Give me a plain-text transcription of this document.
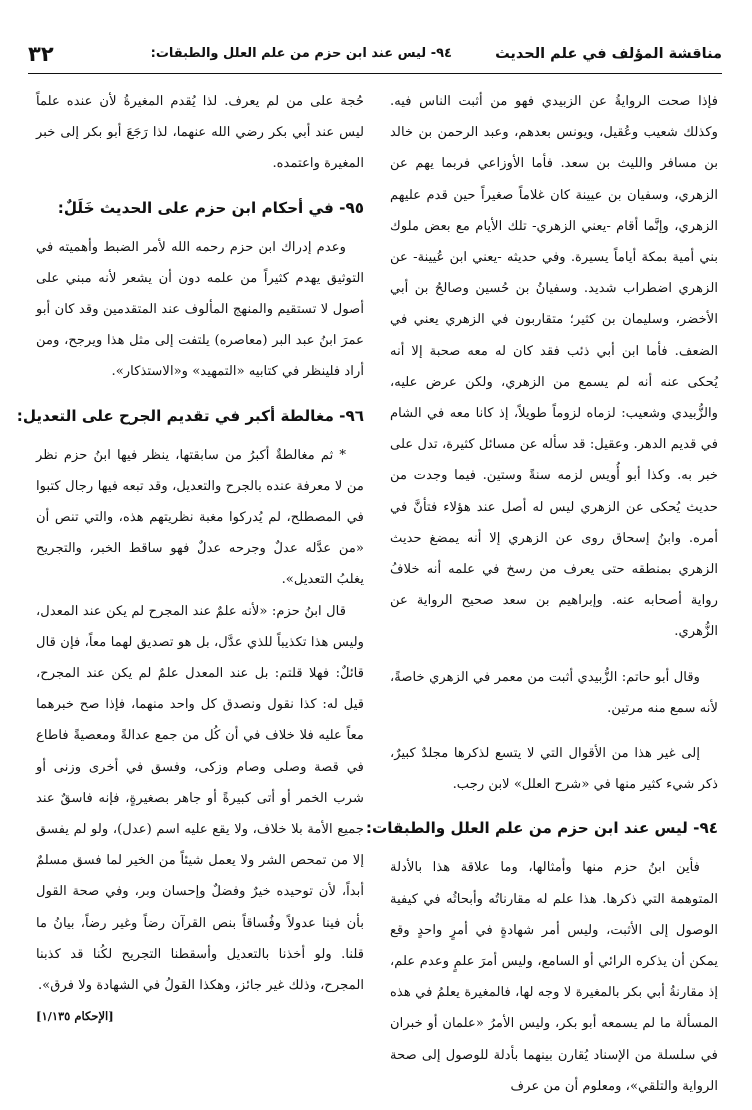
مناقشة المؤلف في علم الحديث
٩٤- ليس عند ابن حزم من علم العلل والطبقات:
٣٢

فإذا صحت الروايةُ عن الزبيدي فهو من أثبت الناس فيه. وكذلك شعيب وعُقيل، ويونس بعدهم، وعبد الرحمن بن خالد بن مسافر والليث بن سعد. فأما الأوزاعي فربما يهم عن الزهري، وسفيان بن عيينة كان غلاماً صغيراً حين قدم عليهم الزهري، وإنَّما أقام -يعني الزهري- تلك الأيام مع بعض ملوك بني أمية بمكة أياماً يسيرة. وفي حديثه -يعني ابن عُيينة- عن الزهري اضطراب شديد. وسفيانُ بن حُسين وصالحُ بن أبي الأخضر، وسليمان بن كثير؛ متقاربون في الزهري يعني في الضعف. فأما ابن أبي ذئب فقد كان له معه صحبة إلا أنه يُحكى عنه أنه لم يسمع من الزهري، ولكن عرض عليه، والزُّبيدي وشعيب: لزماه لزوماً طويلاً، إذ كانا معه في الشام في قديم الدهر. وعقيل: قد سأله عن مسائل كثيرة، تدل على خبر به. وكذا أبو أُويس لزمه سنةً وستين. فيما وجدت من حديث يُحكى عن الزهري ليس له أصل عند هؤلاء فتأنَّ في أمره. وابنُ إسحاق روى عن الزهري إلا أنه يمضغ حديث الزهري بمنطقه حتى يعرف من رسخ في علمه أنه خلافُ رواية أصحابه عنه. وإبراهيم بن سعد صحيح الرواية عن الزُّهري.

وقال أبو حاتم: الزُّبيدي أثبت من معمر في الزهري خاصةً، لأنه سمع منه مرتين.

إلى غير هذا من الأقوال التي لا يتسع لذكرها مجلدٌ كبيرٌ، ذكر شيء كثير منها في «شرح العلل» لابن رجب.

٩٤- ليس عند ابن حزم من علم العلل والطبقات:

فأين ابنُ حزم منها وأمثالها، وما علاقة هذا بالأدلة المتوهمة التي ذكرها. هذا علم له مقارناتُه وأبحاثُه في كيفية الوصول إلى الأثبت، وليس أمر شهادةٍ في أمرٍ واحدٍ وقع يمكن أن يذكره الرائي أو السامع، وليس أمرَ علمٍ وعدم علم، إذ مقارنةُ أبي بكر بالمغيرة لا وجه لها، فالمغيرة يعلمُ في هذه المسألة ما لم يسمعه أبو بكر، وليس الأمرُ «علمان أو خبران في سلسلة من الإسناد يُقارن بينهما بأدلة للوصول إلى صحة الرواية والتلقي»، ومعلوم أن من عرف

حُجة على من لم يعرف. لذا يُقدم المغيرةُ لأن عنده علماً ليس عند أبي بكر رضي الله عنهما، لذا رَجَعَ أبو بكر إلى خبر المغيرة واعتمده.

٩٥- في أحكام ابن حزم على الحديث خَلَلٌ:

وعدم إدراك ابن حزم رحمه الله لأمر الضبط وأهميته في التوثيق يهدم كثيراً من علمه دون أن يشعر لأنه مبني على أصول لا تستقيم والمنهج المألوف عند المتقدمين وقد كان أبو عمرَ ابنُ عبد البر (معاصره) يلتفت إلى مثل هذا ويرجح، ومن أراد فلينظر في كتابيه «التمهيد» و«الاستذكار».

٩٦- مغالطة أكبر في تقديم الجرح على التعديل:

* ثم مغالطةٌ أكبرُ من سابقتها، ينظر فيها ابنُ حزم نظر من لا معرفة عنده بالجرح والتعديل، وقد تبعه فيها رجال كتبوا في المصطلح، لم يُدركوا مغبة نظريتهم هذه، والتي تنص أن «من عدَّله عدلٌ وجرحه عدلٌ فهو ساقط الخبر، والتجريح يغلبُ التعديل».

قال ابنُ حزم: «لأنه علمٌ عند المجرح لم يكن عند المعدل، وليس هذا تكذيباً للذي عدَّل، بل هو تصديق لهما معاً، فإن قال قائلٌ: فهلا قلتم: بل عند المعدل علمٌ لم يكن عند المجرح، قيل له: كذا نقول ونصدق كل واحد منهما، فإذا صح خبرهما معاً عليه فلا خلاف في أن كُل من جمع عدالةً ومعصيةً فاطاع في قصة وصلى وصام وزكى، وفسق في أخرى وزنى أو شرب الخمر أو أتى كبيرةً أو جاهر بصغيرةٍ، فإنه فاسقٌ عند جميع الأمة بلا خلاف، ولا يقع عليه اسم (عدل)، ولو لم يفسق إلا من تمحص الشر ولا يعمل شيئاً من الخير لما فسق مسلمٌ أبداً، لأن توحيده خيرٌ وفضلٌ وإحسان وبر، وفي صحة القول بأن فينا عدولاً وفُساقاً بنص القرآن رضاً وغير رضاً، بيانُ ما قلنا. ولو أخذنا بالتعديل وأسقطنا التجريح لكُنا قد كذبنا المجرح، وذلك غير جائز، وهكذا القولُ في الشهادة ولا فرق».

[الإحكام ١/١٣٥]
